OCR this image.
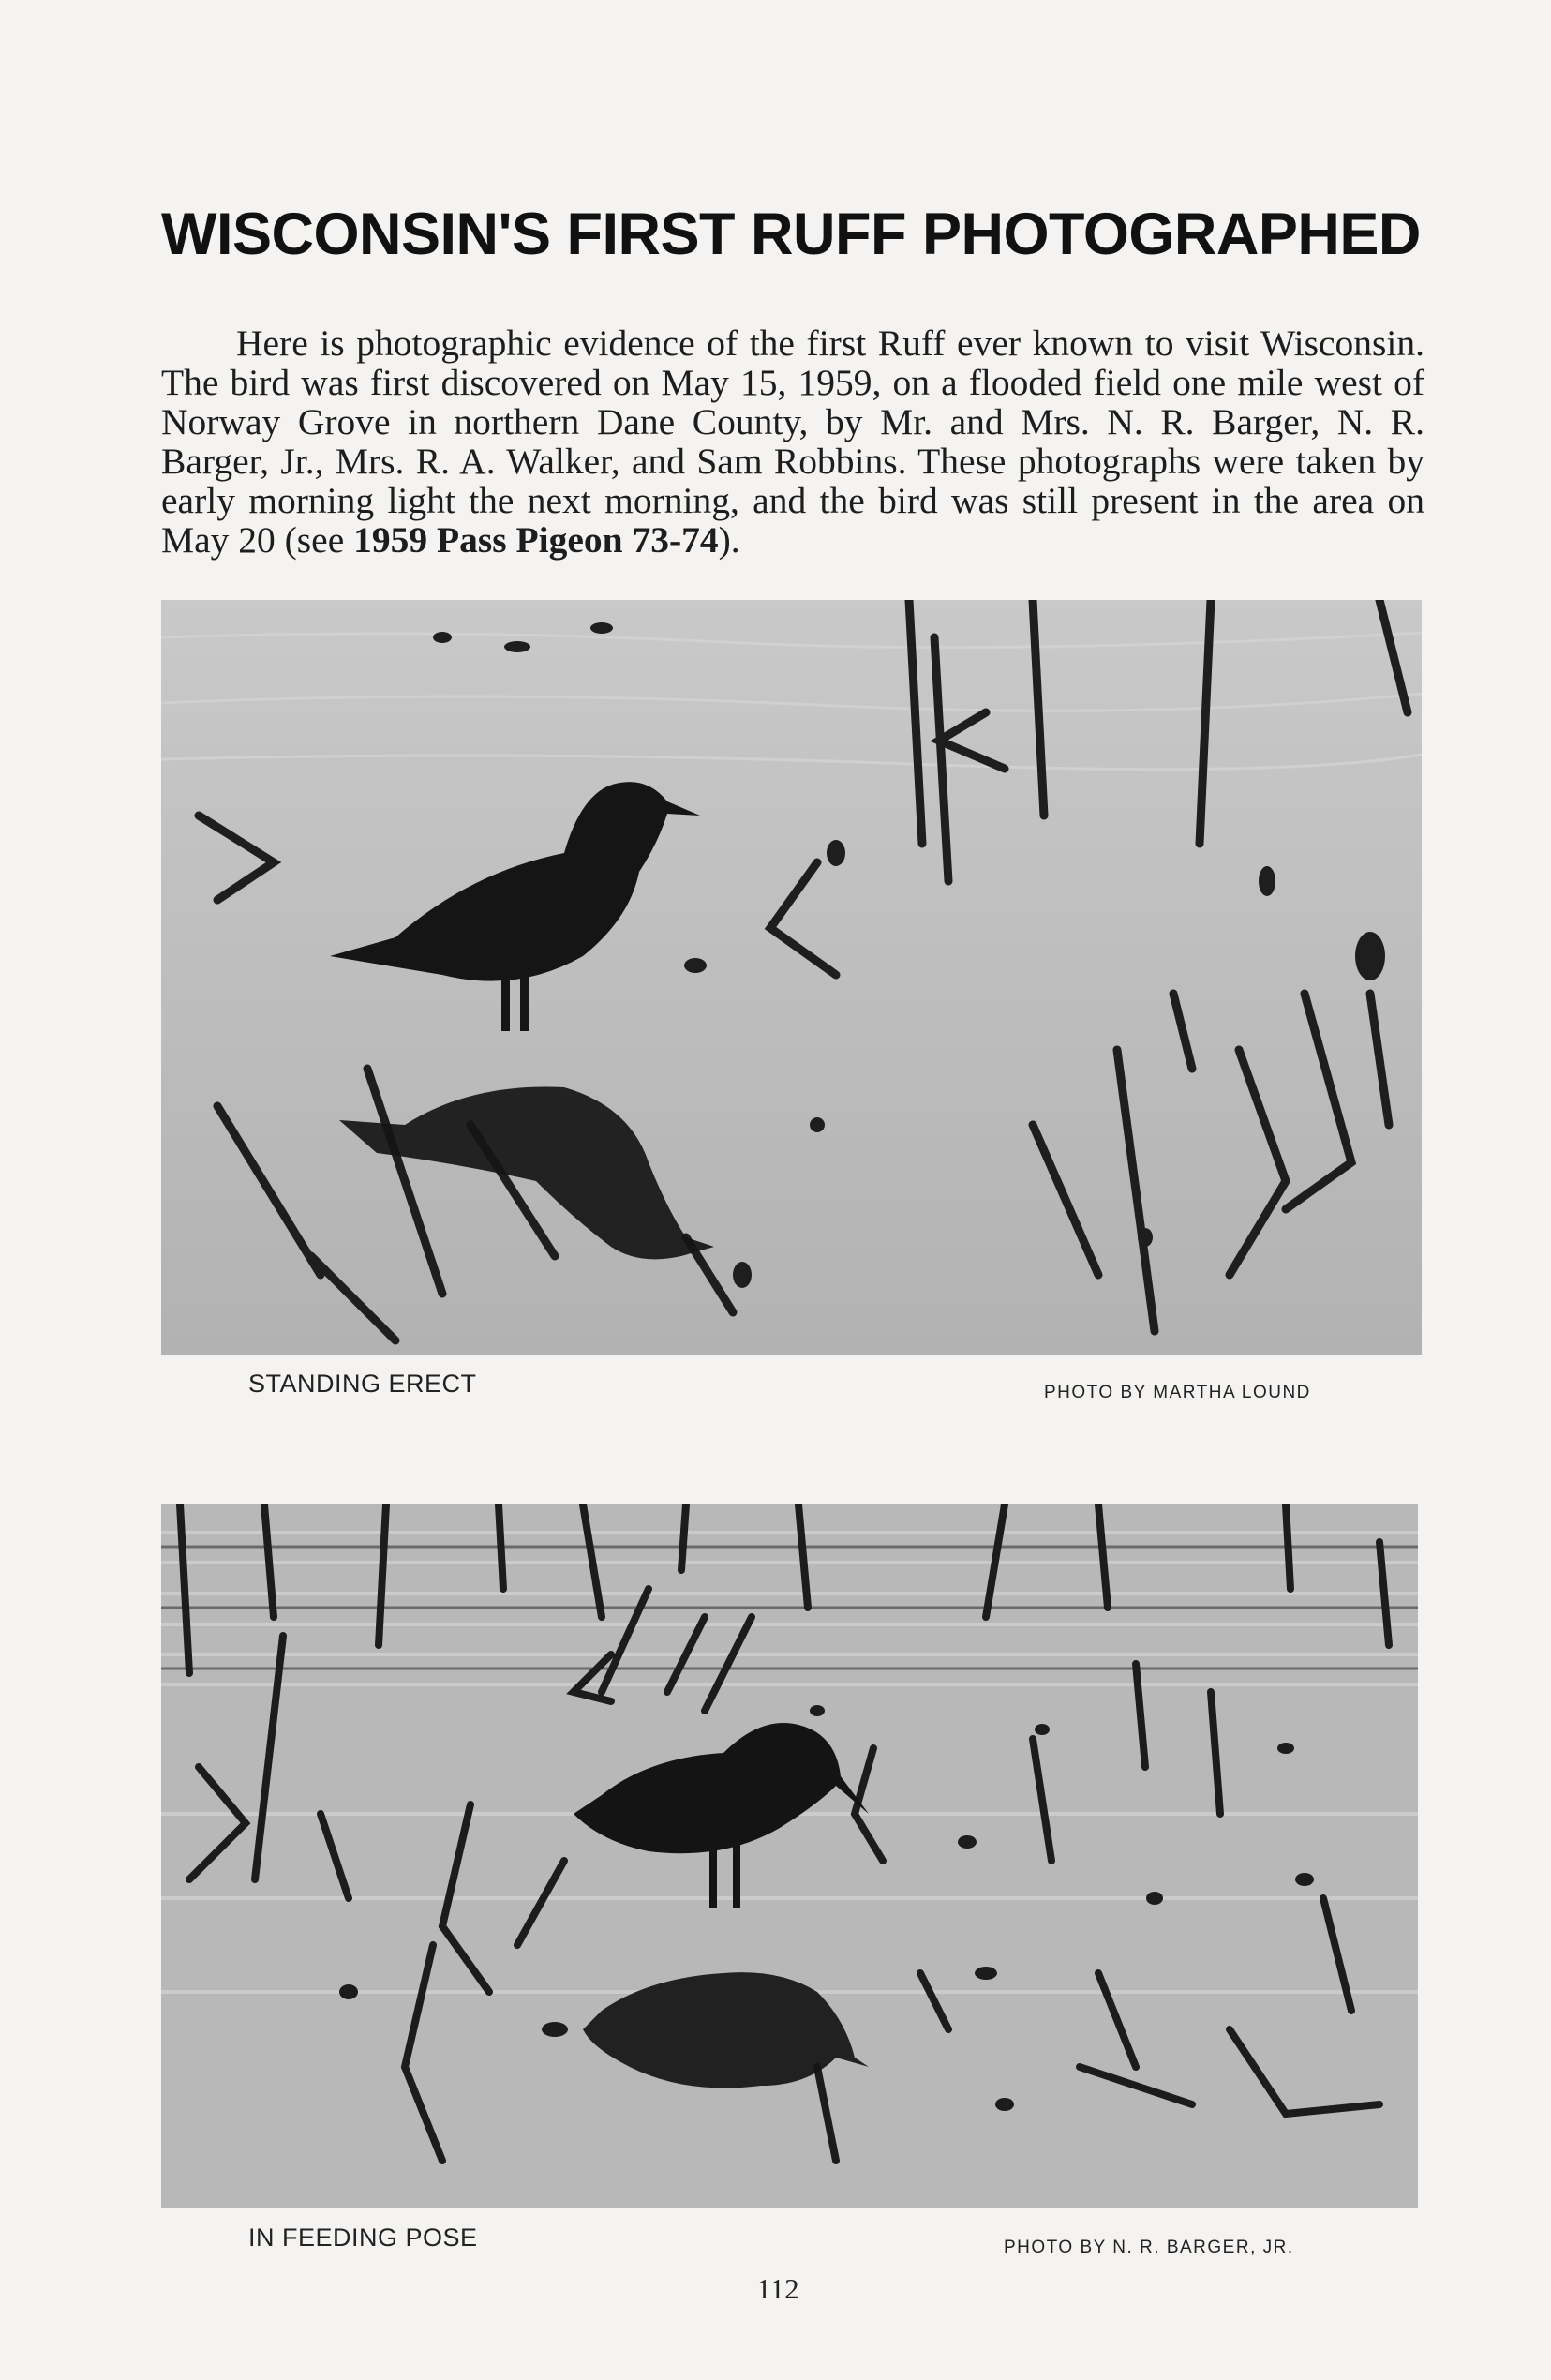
WISCONSIN'S FIRST RUFF PHOTOGRAPHED

Here is photographic evidence of the first Ruff ever known to visit Wisconsin. The bird was first discovered on May 15, 1959, on a flooded field one mile west of Norway Grove in northern Dane County, by Mr. and Mrs. N. R. Barger, N. R. Barger, Jr., Mrs. R. A. Walker, and Sam Robbins. These photographs were taken by early morning light the next morning, and the bird was still present in the area on May 20 (see 1959 Pass Pigeon 73-74).

STANDING ERECT	PHOTO BY MARTHA LOUND
IN FEEDING POSE	PHOTO BY N. R. BARGER, JR.
112
